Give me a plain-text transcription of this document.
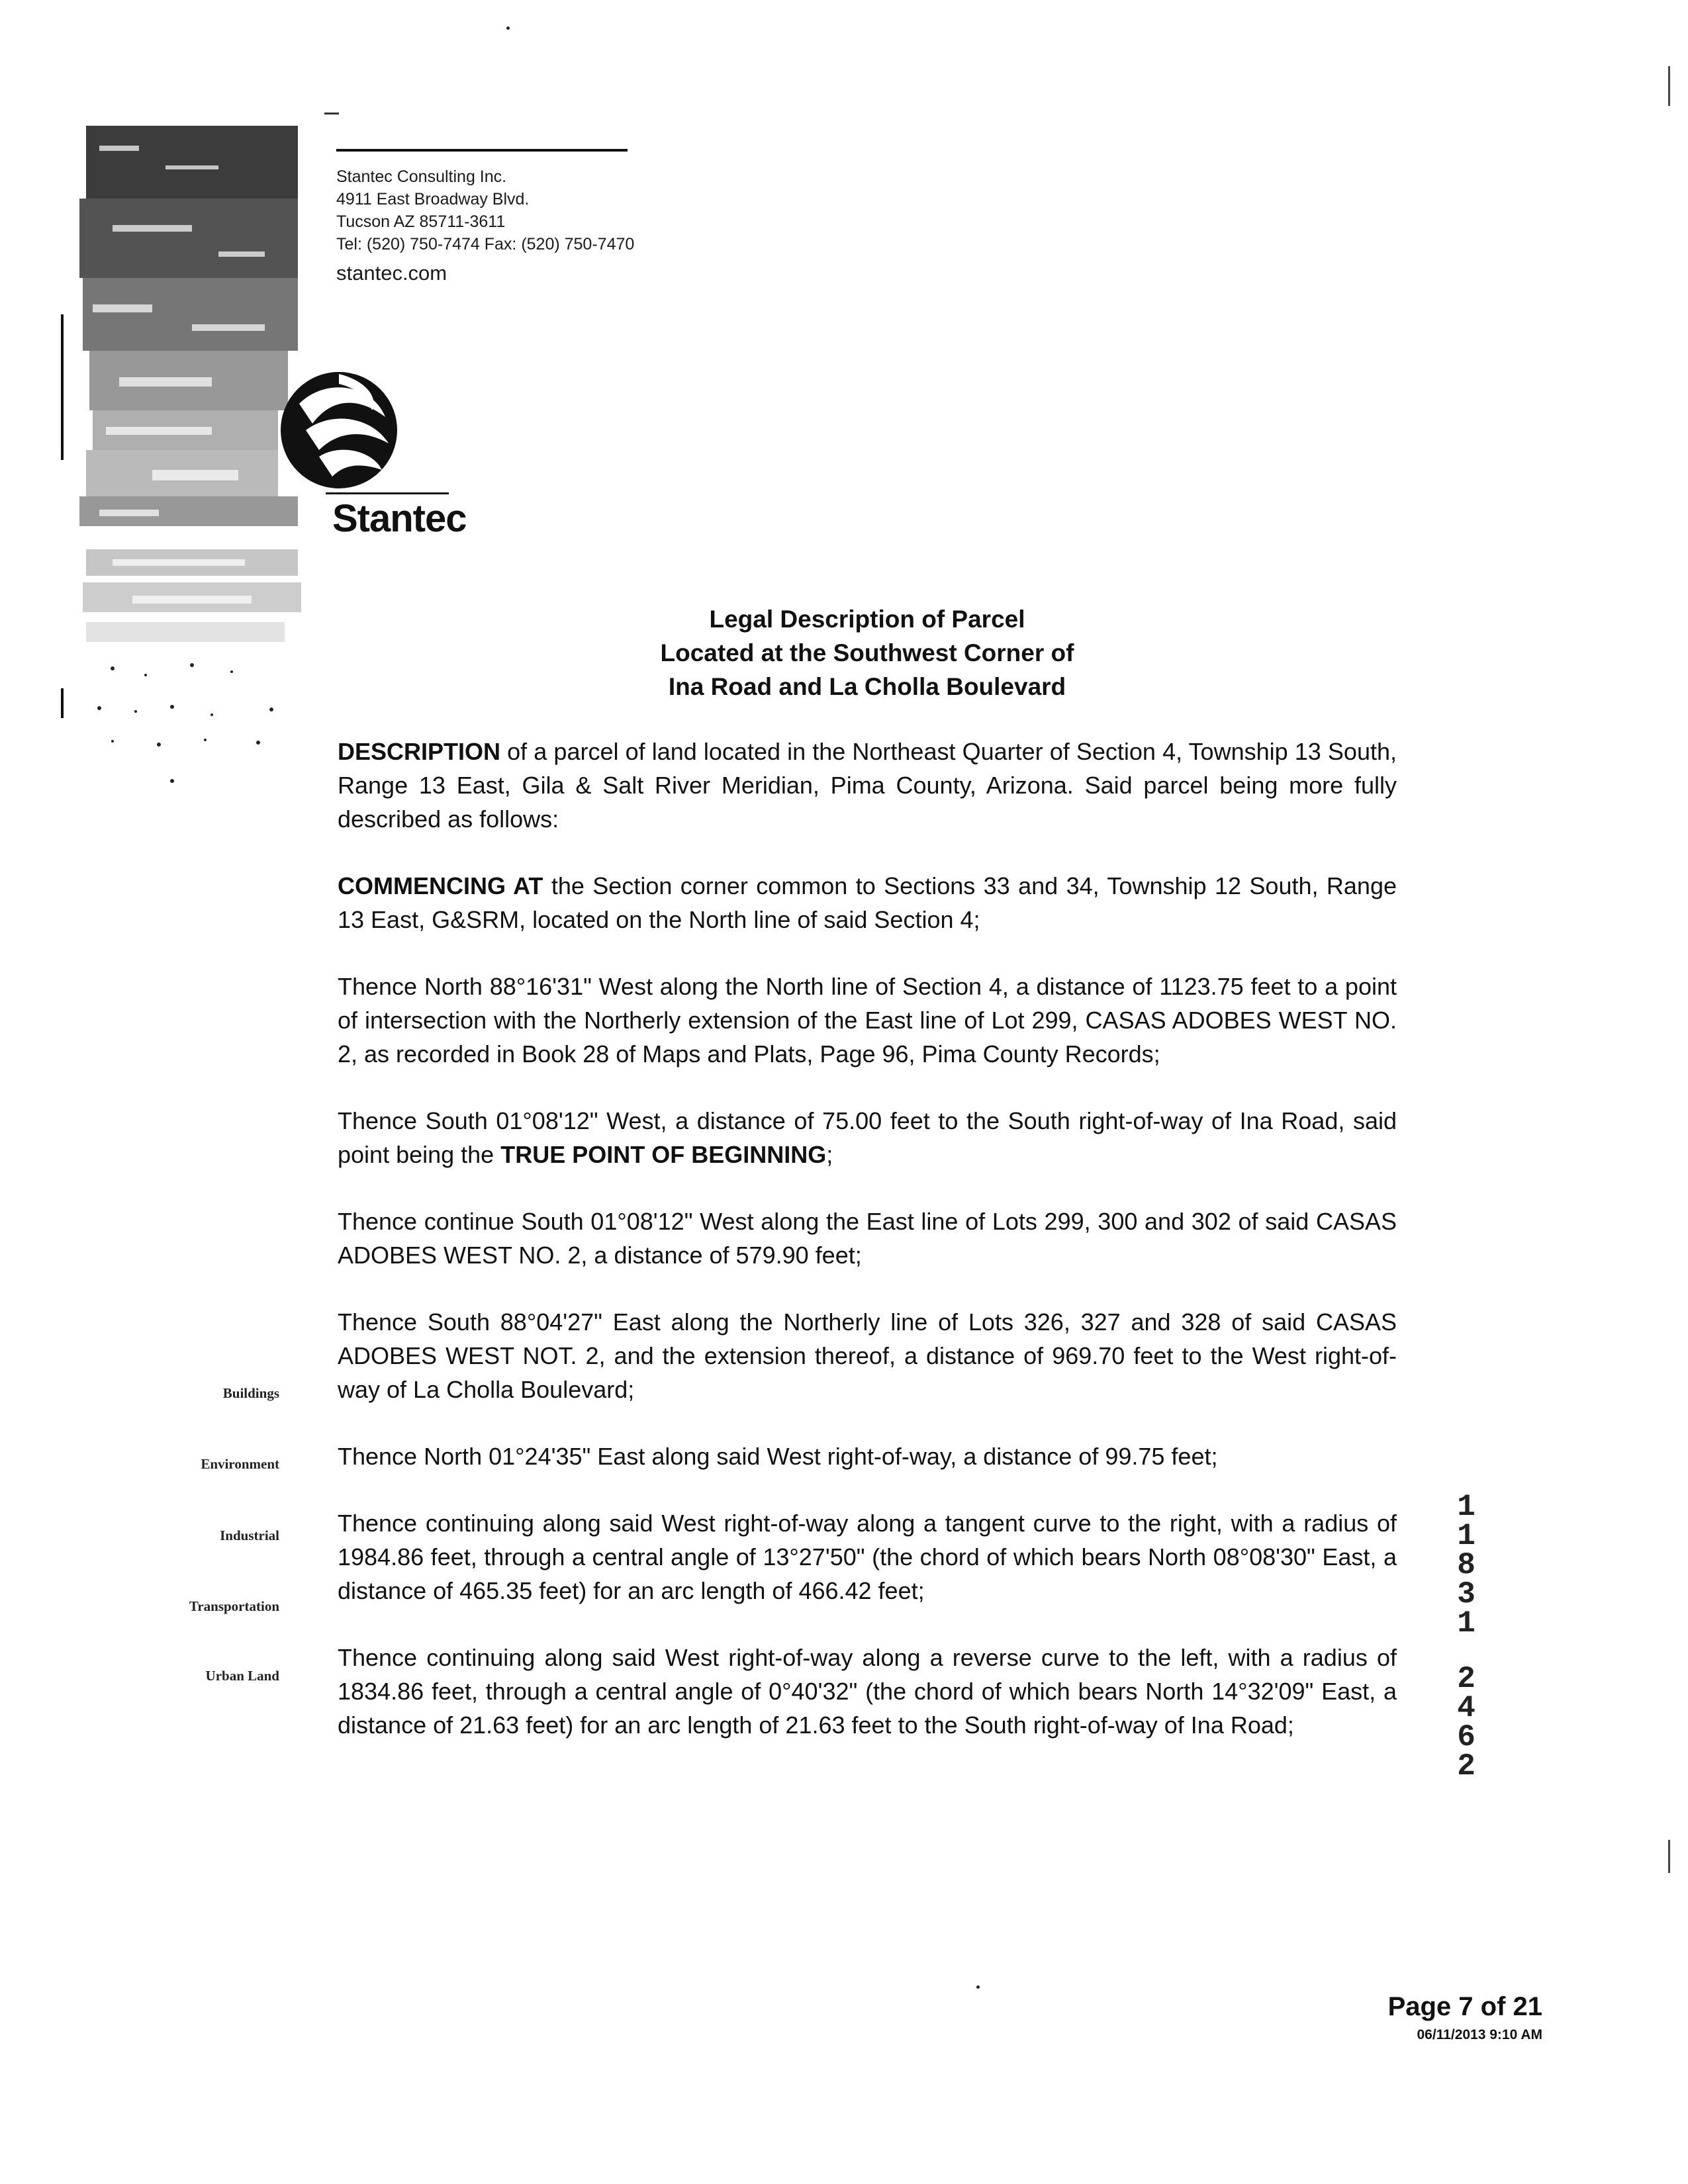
Stantec Consulting Inc.
4911 East Broadway Blvd.
Tucson AZ 85711-3611
Tel: (520) 750-7474 Fax: (520) 750-7470
stantec.com
Stantec
Legal Description of Parcel
Located at the Southwest Corner of
Ina Road and La Cholla Boulevard

DESCRIPTION of a parcel of land located in the Northeast Quarter of Section 4, Township 13 South, Range 13 East, Gila & Salt River Meridian, Pima County, Arizona. Said parcel being more fully described as follows:

COMMENCING AT the Section corner common to Sections 33 and 34, Township 12 South, Range 13 East, G&SRM, located on the North line of said Section 4;

Thence North 88°16'31" West along the North line of Section 4, a distance of 1123.75 feet to a point of intersection with the Northerly extension of the East line of Lot 299, CASAS ADOBES WEST NO. 2, as recorded in Book 28 of Maps and Plats, Page 96, Pima County Records;

Thence South 01°08'12" West, a distance of 75.00 feet to the South right-of-way of Ina Road, said point being the TRUE POINT OF BEGINNING;

Thence continue South 01°08'12" West along the East line of Lots 299, 300 and 302 of said CASAS ADOBES WEST NO. 2, a distance of 579.90 feet;

Thence South 88°04'27" East along the Northerly line of Lots 326, 327 and 328 of said CASAS ADOBES WEST NOT. 2, and the extension thereof, a distance of 969.70 feet to the West right-of-way of La Cholla Boulevard;

Thence North 01°24'35" East along said West right-of-way, a distance of 99.75 feet;

Thence continuing along said West right-of-way along a tangent curve to the right, with a radius of 1984.86 feet, through a central angle of 13°27'50" (the chord of which bears North 08°08'30" East, a distance of 465.35 feet) for an arc length of 466.42 feet;

Thence continuing along said West right-of-way along a reverse curve to the left, with a radius of 1834.86 feet, through a central angle of 0°40'32" (the chord of which bears North 14°32'09" East, a distance of 21.63 feet) for an arc length of 21.63 feet to the South right-of-way of Ina Road;

Buildings
Environment
Industrial
Transportation
Urban Land
1
1
8
3
1
2
4
6
2
Page 7 of 21
06/11/2013 9:10 AM
